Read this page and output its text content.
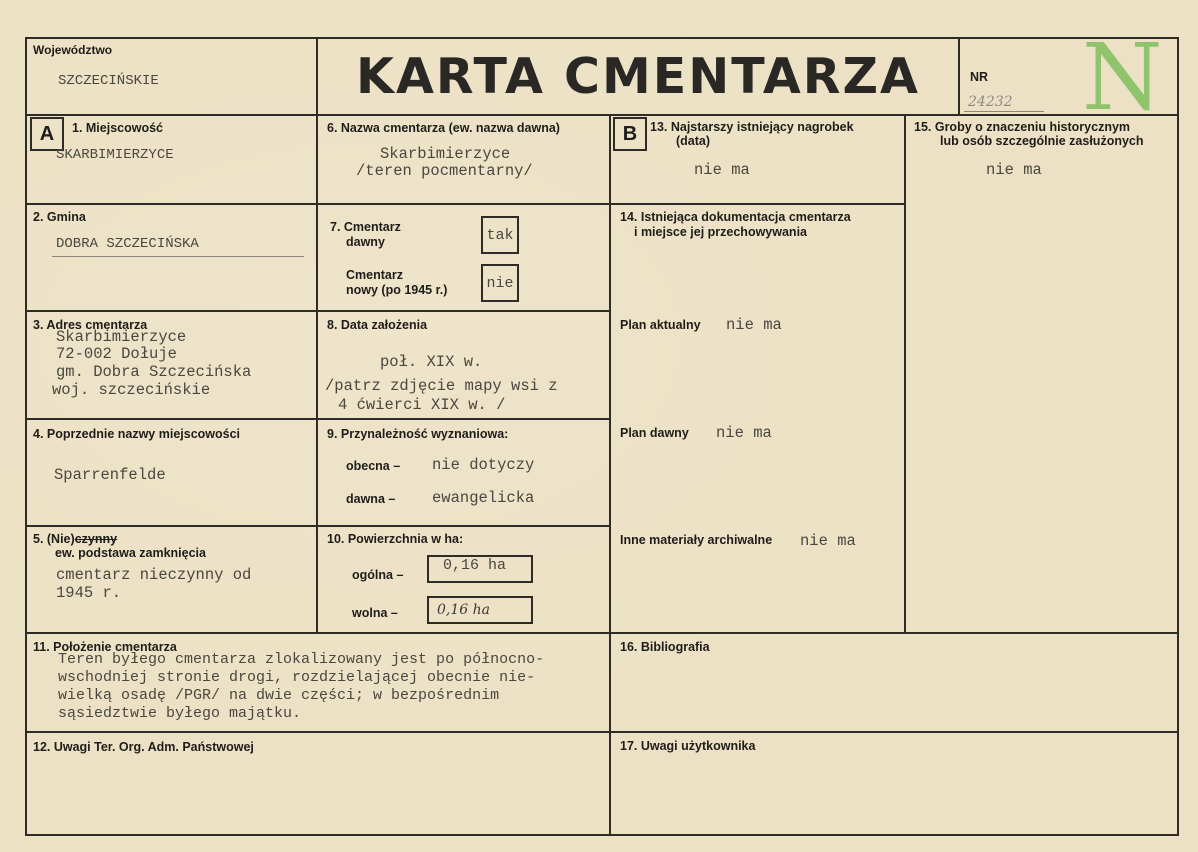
Województwo
SZCZECIŃSKIE	KARTA CMENTARZA	NR
24232 N
A	1. Miejscowość
SKARBIMIERZYCE
2. Gmina
DOBRA SZCZECIŃSKA
3. Adres cmentarza
Skarbimierzyce
72-002 Dołuje
gm. Dobra Szczecińska
woj. szczecińskie
4. Poprzednie nazwy miejscowości
Sparrenfelde
5. (Nie)czynny
ew. podstawa zamknięcia
cmentarz nieczynny od
1945 r.
6. Nazwa cmentarza (ew. nazwa dawna)
Skarbimierzyce
/teren pocmentarny/
7. Cmentarz
dawny	tak
Cmentarz
nowy (po 1945 r.)	nie
8. Data założenia
poł. XIX w.
/patrz zdjęcie mapy wsi z
4 ćwierci XIX w. /
9. Przynależność wyznaniowa:
obecna – nie dotyczy
dawna – ewangelicka
10. Powierzchnia w ha:
ogólna –
0,16 ha
wolna –	0,16 ha
B	13. Najstarszy istniejący nagrobek
(data)
nie ma
14. Istniejąca dokumentacja cmentarza
i miejsce jej przechowywania
Plan aktualny nie ma
Plan dawny nie ma
Inne materiały archiwalne nie ma
15. Groby o znaczeniu historycznym
lub osób szczególnie zasłużonych
nie ma
11. Położenie cmentarza
Teren byłego cmentarza zlokalizowany jest po północno-
wschodniej stronie drogi, rozdzielającej obecnie nie-
wielką osadę /PGR/ na dwie części; w bezpośrednim
sąsiedztwie byłego majątku.
16. Bibliografia
12. Uwagi Ter. Org. Adm. Państwowej	17. Uwagi użytkownika
